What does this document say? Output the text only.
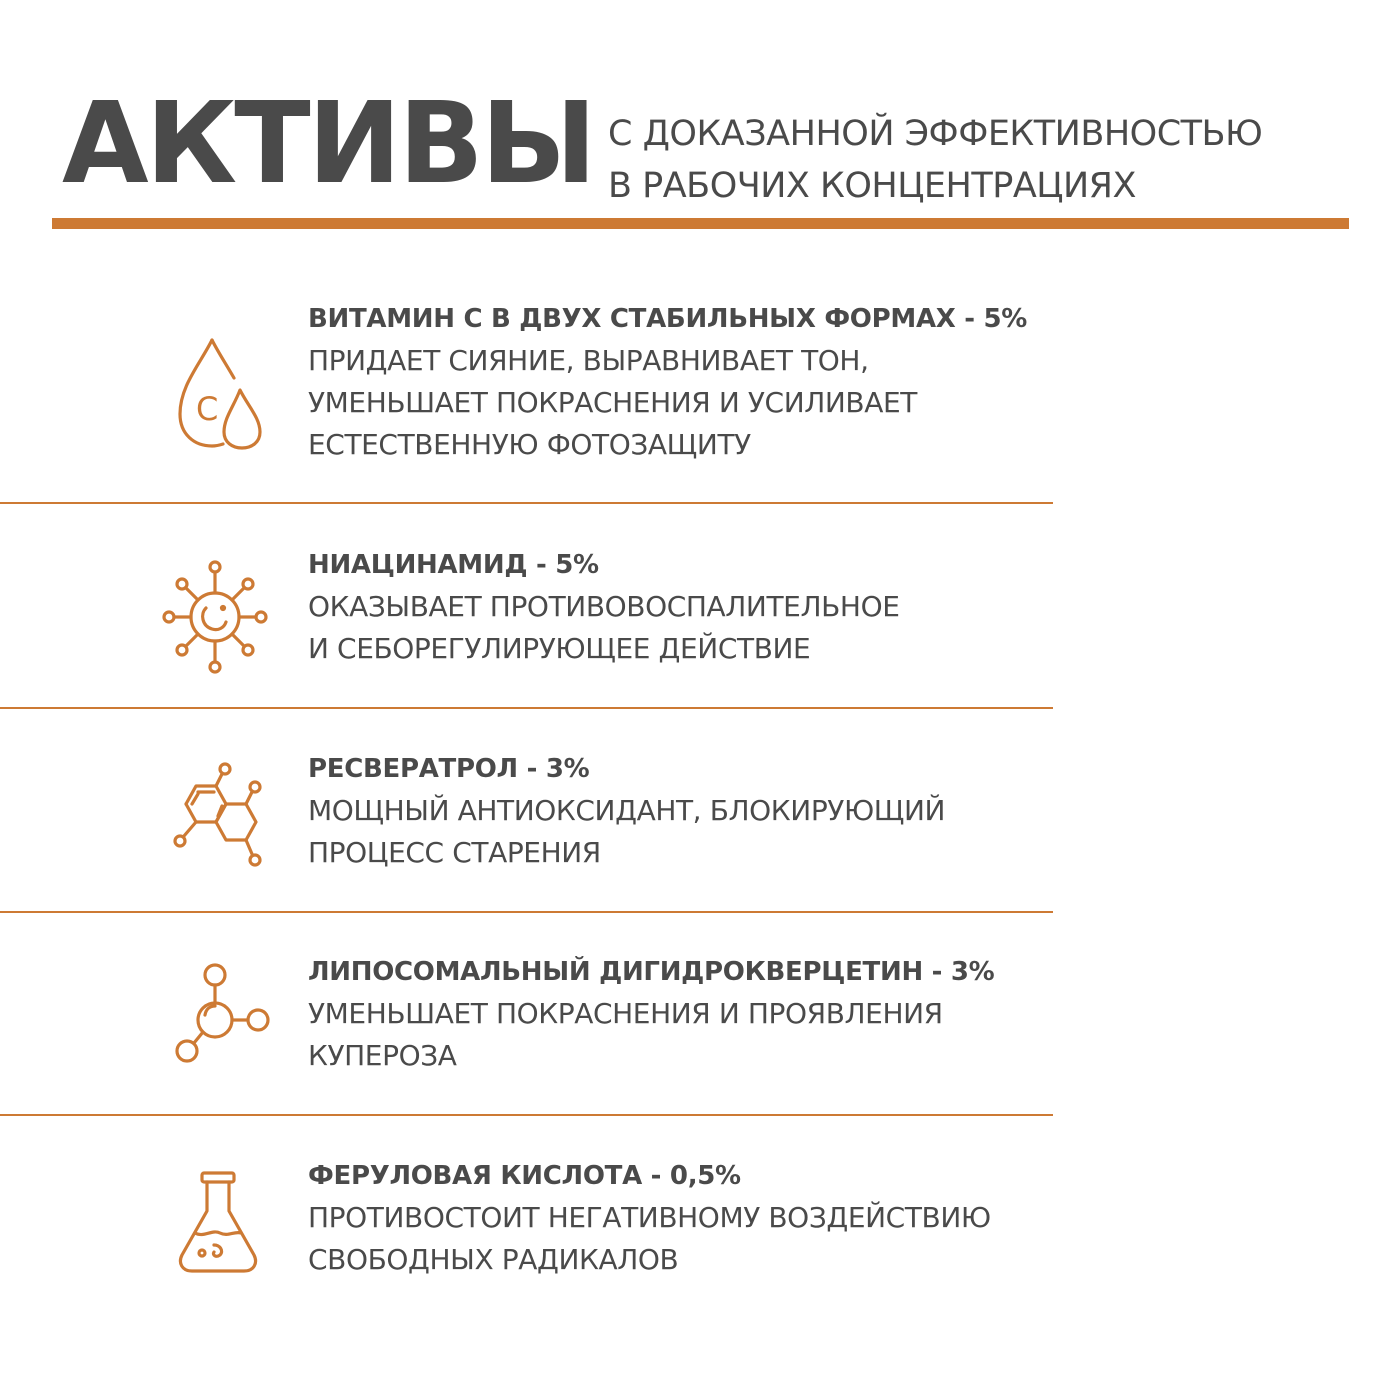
АКТИВЫ С ДОКАЗАННОЙ ЭФФЕКТИВНОСТЬЮ
В РАБОЧИХ КОНЦЕНТРАЦИЯХ
C
ВИТАМИН С В ДВУХ СТАБИЛЬНЫХ ФОРМАХ - 5%
ПРИДАЕТ СИЯНИЕ, ВЫРАВНИВАЕТ ТОН,
УМЕНЬШАЕТ ПОКРАСНЕНИЯ И УСИЛИВАЕТ
ЕСТЕСТВЕННУЮ ФОТОЗАЩИТУ
НИАЦИНАМИД - 5%
ОКАЗЫВАЕТ ПРОТИВОВОСПАЛИТЕЛЬНОЕ
И СЕБОРЕГУЛИРУЮЩЕЕ ДЕЙСТВИЕ
РЕСВЕРАТРОЛ - 3%
МОЩНЫЙ АНТИОКСИДАНТ, БЛОКИРУЮЩИЙ
ПРОЦЕСС СТАРЕНИЯ
ЛИПОСОМАЛЬНЫЙ ДИГИДРОКВЕРЦЕТИН - 3%
УМЕНЬШАЕТ ПОКРАСНЕНИЯ И ПРОЯВЛЕНИЯ
КУПЕРОЗА
ФЕРУЛОВАЯ КИСЛОТА - 0,5%
ПРОТИВОСТОИТ НЕГАТИВНОМУ ВОЗДЕЙСТВИЮ
СВОБОДНЫХ РАДИКАЛОВ
